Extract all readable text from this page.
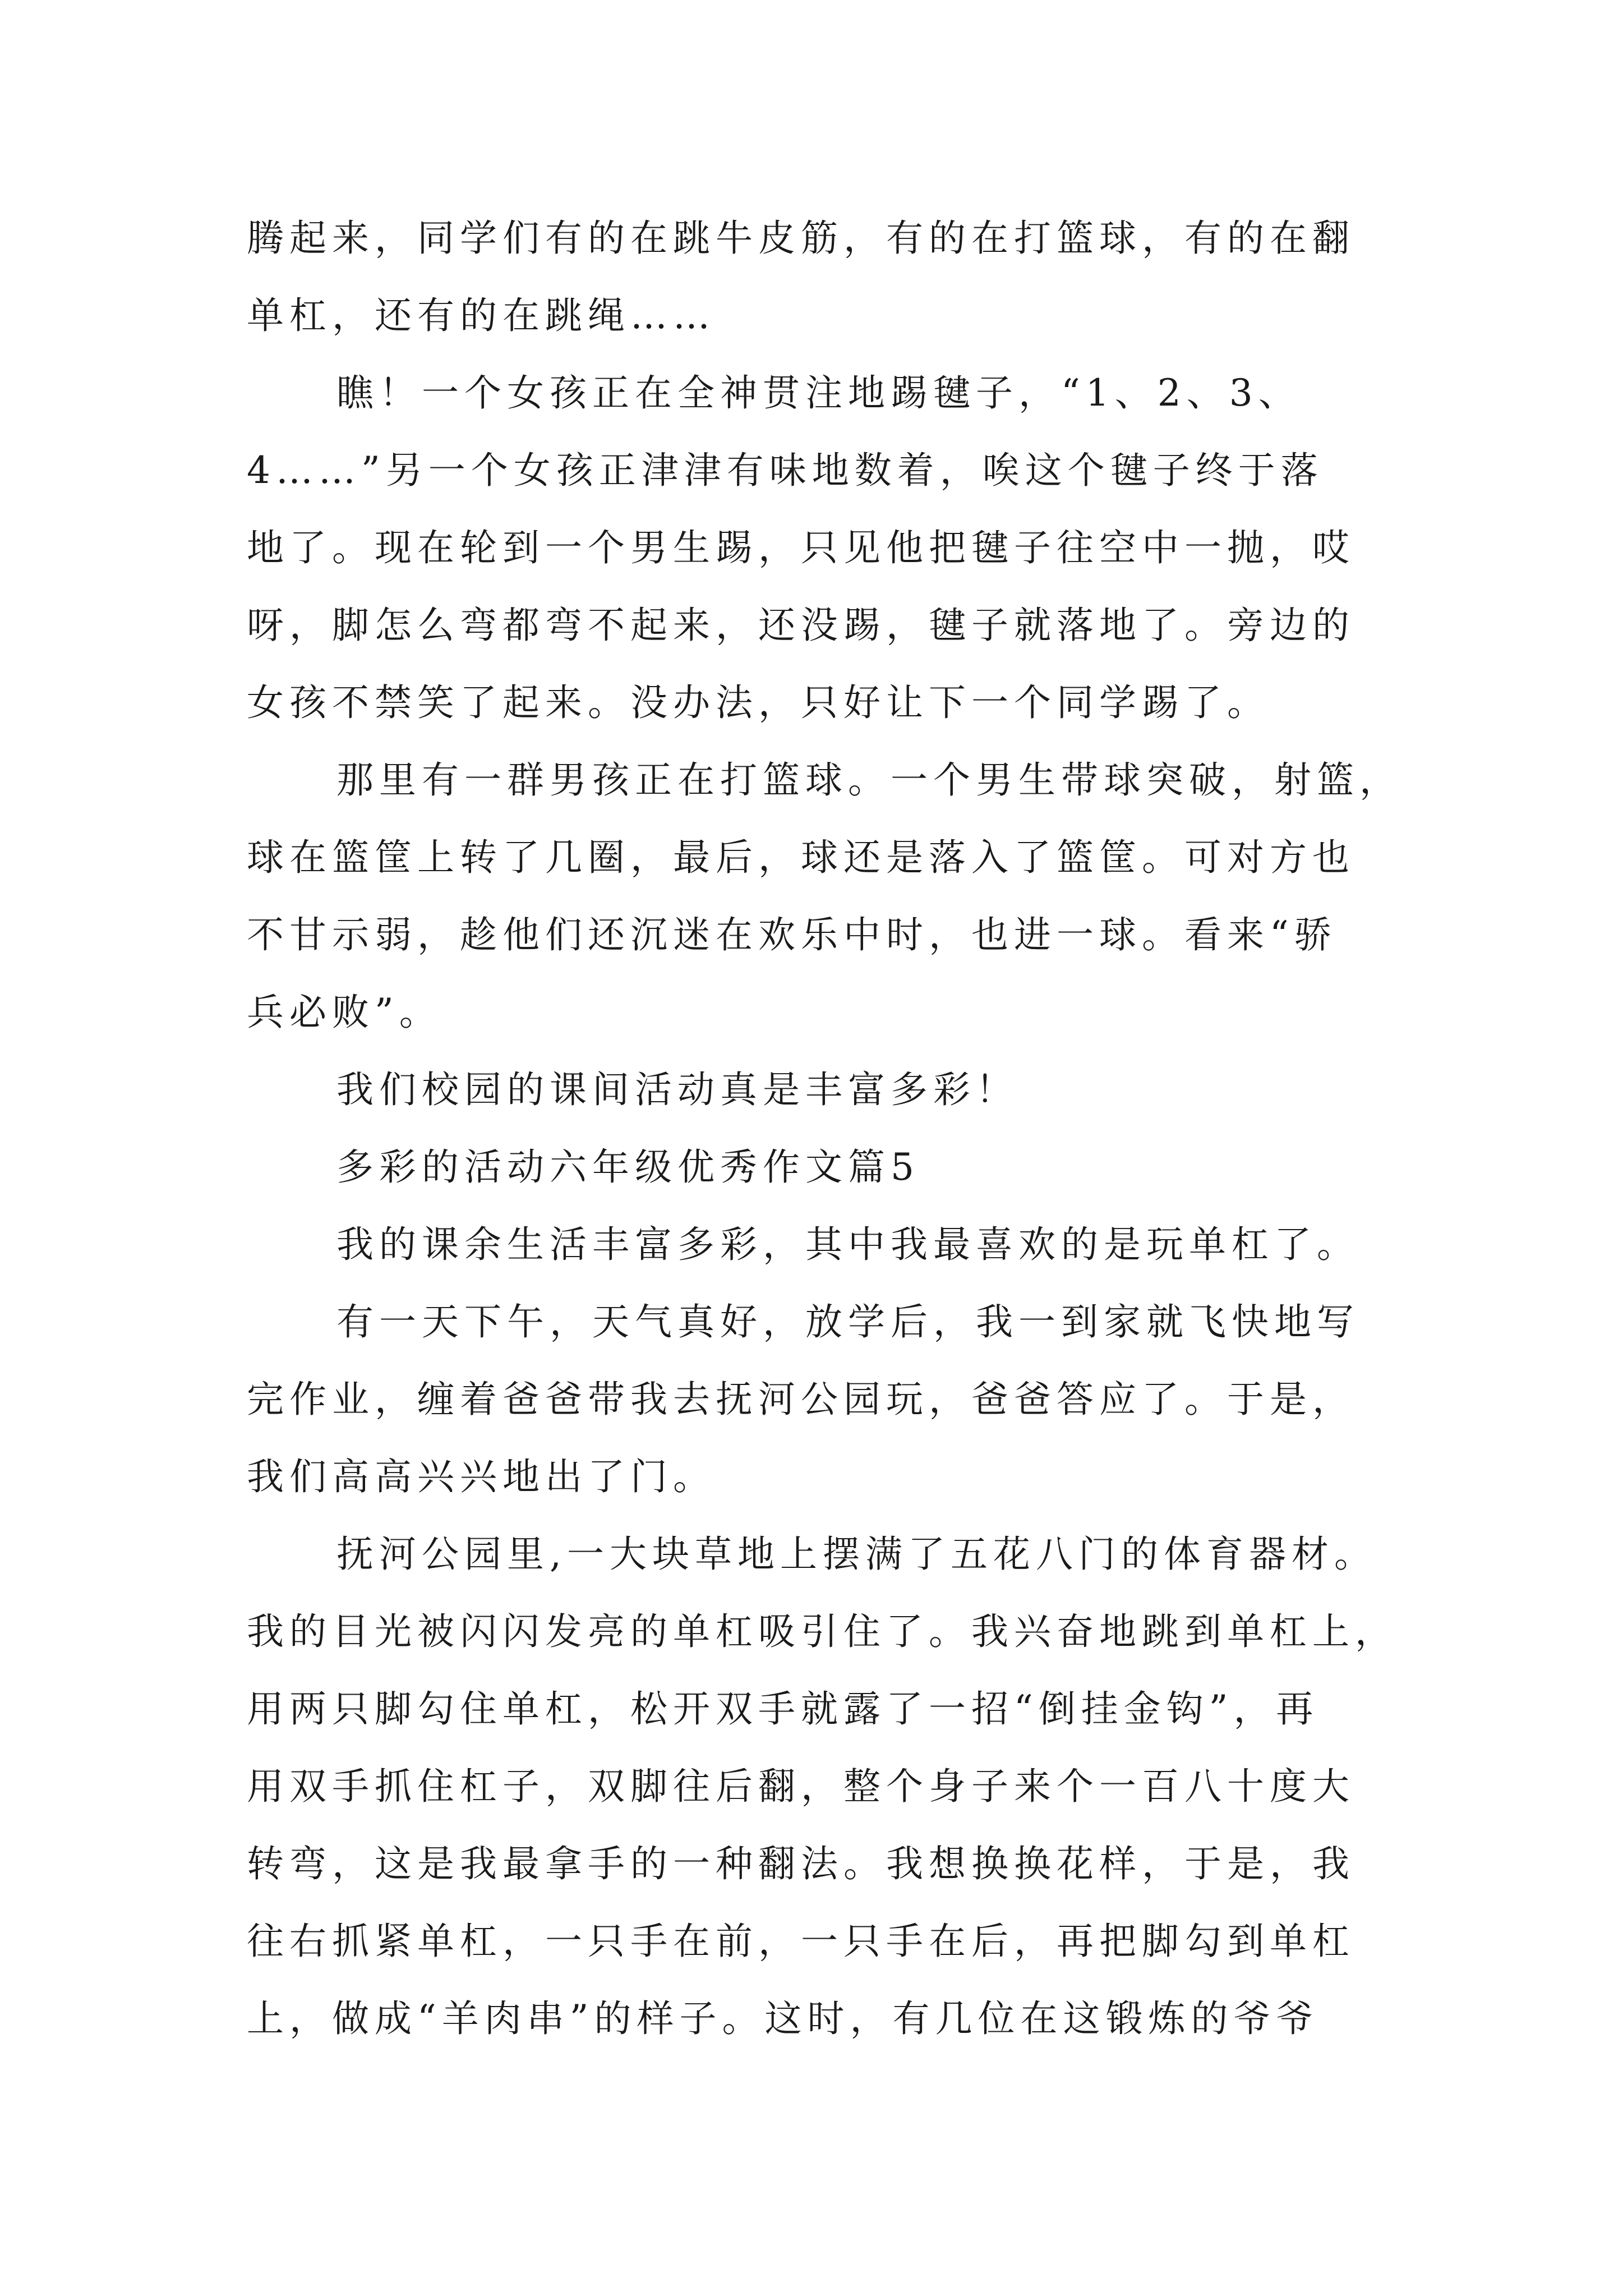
腾起来，同学们有的在跳牛皮筋，有的在打篮球，有的在翻
单杠，还有的在跳绳……
瞧！一个女孩正在全神贯注地踢毽子，“1、2、3、
4……”另一个女孩正津津有味地数着，唉这个毽子终于落
地了。现在轮到一个男生踢，只见他把毽子往空中一抛，哎
呀，脚怎么弯都弯不起来，还没踢，毽子就落地了。旁边的
女孩不禁笑了起来。没办法，只好让下一个同学踢了。
那里有一群男孩正在打篮球。一个男生带球突破，射篮，
球在篮筐上转了几圈，最后，球还是落入了篮筐。可对方也
不甘示弱，趁他们还沉迷在欢乐中时，也进一球。看来“骄
兵必败”。
我们校园的课间活动真是丰富多彩！
多彩的活动六年级优秀作文篇5
我的课余生活丰富多彩，其中我最喜欢的是玩单杠了。
有一天下午，天气真好，放学后，我一到家就飞快地写
完作业，缠着爸爸带我去抚河公园玩，爸爸答应了。于是，
我们高高兴兴地出了门。
抚河公园里,一大块草地上摆满了五花八门的体育器材。
我的目光被闪闪发亮的单杠吸引住了。我兴奋地跳到单杠上，
用两只脚勾住单杠，松开双手就露了一招“倒挂金钩”，再
用双手抓住杠子，双脚往后翻，整个身子来个一百八十度大
转弯，这是我最拿手的一种翻法。我想换换花样，于是，我
往右抓紧单杠，一只手在前，一只手在后，再把脚勾到单杠
上，做成“羊肉串”的样子。这时，有几位在这锻炼的爷爷
